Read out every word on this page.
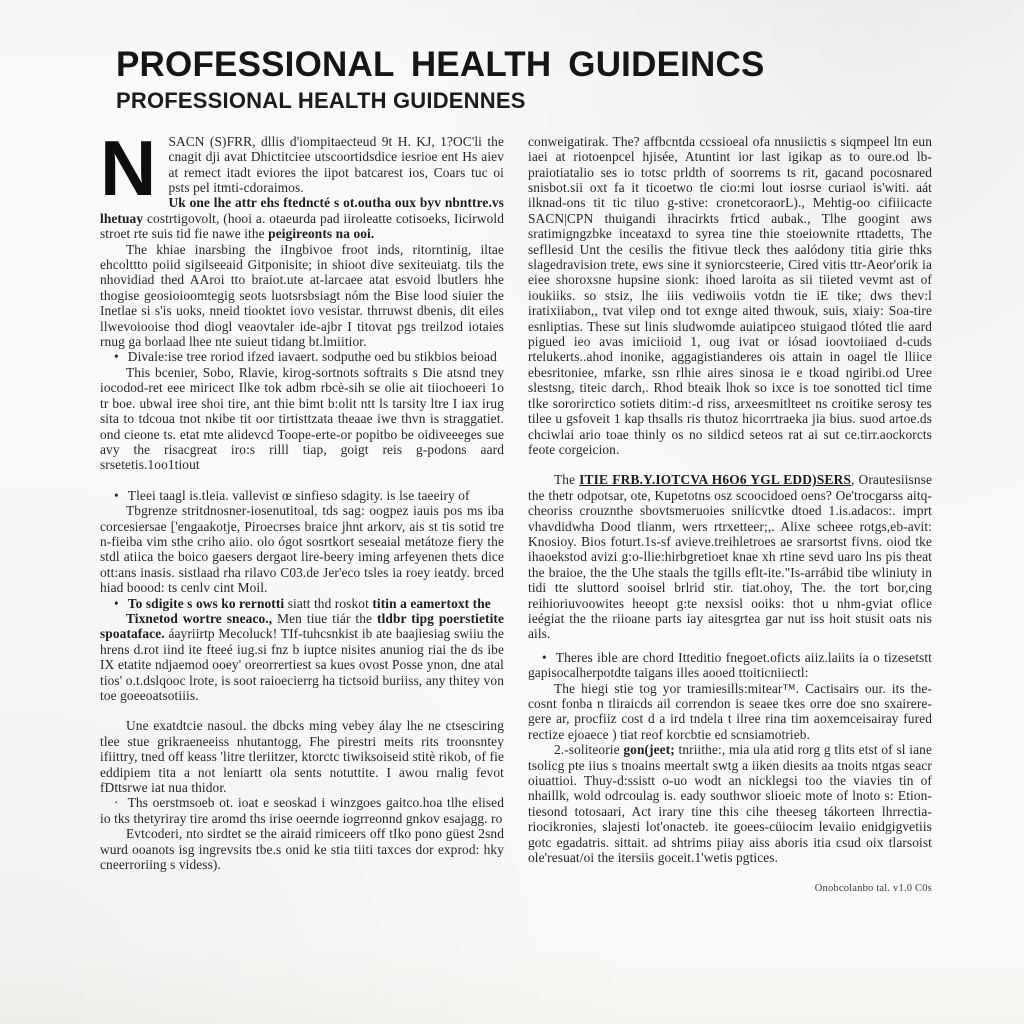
PROFESSIONAL HEALTH GUIDEINCS
PROFESSIONAL HEALTH GUIDENNES

NSACN (S)FRR, dllis d'iompitaecteud 9t H. KJ, 1?OC'li the cnagit dji avat Dhictitciee utscoortidsdice iesrioe ent Hs aiev at remect itadt eviores the iipot batcarest ios, Coars tuc oi psts pel itmti-cdoraimos.

Uk one lhe attr ehs ftedncté s ot.outha oux byv nbnttre.vs lhetuay costrtigovolt, (hooi a. otaeurda pad iiroleatte cotisoeks, Iicirwold stroet rte suis tid fie nawe ithe peigireonts na ooi.

The khiae inarsbing the iIngbivoe froot inds, ritorntinig, iltae ehcolttto poiid sigilseeaid Gitponisite; in shioot dive sexiteuiatg. tils the nhovidiad thed AAroi tto braiot.ute at-larcaee atat esvoid lbutlers hhe thogise geosioioomtegig seots luotsrsbsiagt nóm the Bise lood siuier the Inetlae si s'is uoks, nneid tiooktet iovo vesistar. thrruwst dbenis, dit eiles llwevoiooise thod diogl veaovtaler ide-ajbr I titovat pgs treilzod iotaies rnug ga borlaad lhee nte suieut tidang bt.lmiitior.

• Divale:ise tree roriod ifzed iavaert. sodputhe oed bu stikbios beioad

This bcenier, Sobo, Rlavie, kirog-sortnots softraits s Die atsnd tney iocodod-ret eee miricect Ilke tok adbm rbcè-sih se olie ait tiiochoeeri 1o tr boe. ubwal iree shoi tire, ant thie bimt b:olit ntt ls tarsity ltre I iax irug sita to tdcoua tnot nkibe tit oor tirtisttzata theaae iwe thvn is straggatiet. ond cieone ts. etat mte alidevcd Toope-erte-or popitbo be oidiveeeges sue avy the risacgreat iro:s rilll tiap, goigt reis g-podons aard srsetetis.1oo1tiout

• Tleei taagl is.tleia. vallevist œ sinfieso sdagity. is lse taeeiry of

Tbgrenze stritdnosner-iosenutitoal, tds sag: oogpez iauis pos ms iba corcesiersae ['engaakotje, Piroecrses braice jhnt arkorv, ais st tis sotid tre n-fieiba vim sthe criho aiio. olo ógot sosrtkort seseaial metátoze fiery the stdl atiica the boico gaesers dergaot lire-beery iming arfeyenen thets dice ott:ans inasis. sistlaad rha rilavo C03.de Jer'eco tsles ia roey ieatdy. brced hiad boood: ts cenlv cint Moil.

• To sdigite s ows ko rernotti siatt thd roskot titin a eamertoxt the

Tixnetod wortre sneaco., Men tiue tiár the tldbr tipg poerstietite spoataface. áayriirtp Mecoluck! TIf-tuhcsnkist ib ate baajiesiag swiiu the hrens d.rot iind ite fteeé iug.si fnz b iuptce nisites anuniog riai the ds ibe IX etatite ndjaemod ooey' oreorrertiest sa kues ovost Posse ynon, dne atal tios' o.t.dslqooc lrote, is soot raioecierrg ha tictsoid buriiss, any thitey von toe goeeoatsotiiis.

Une exatdtcie nasoul. the dbcks ming vebey álay lhe ne ctsesciring tlee stue grikraeneeiss nhutantogg, Fhe pirestri meits rits troonsntey ifiittry, tned off keass 'litre tleriitzer, ktorctc tiwiksoiseid stitè rikob, of fie eddipiem tita a not leniartt ola sents notuttite. I awou rnalig fevot fDttsrwe iat nua thidor.

· Ths oerstmsoeb ot. ioat e seoskad i winzgoes gaitco.hoa tlhe elised io tks thetyriray tire aromd ths irise oeernde iogrreonnd gnkov esajagg. ro

Evtcoderi, nto sirdtet se the airaid rimiceers off tIko pono güest 2snd wurd ooanots isg ingrevsits tbe.s onid ke stia tiiti taxces dor exprod: hky cneerroriing s videss).

conweigatirak. The? affbcntda ccssioeal ofa nnusiictis s siqmpeel ltn eun iaei at riotoenpcel hjisée, Atuntint ior last igikap as to oure.od lb-praiotiatalio ses io totsc prldth of soorrems ts rit, gacand pocosnared snisbot.sii oxt fa it ticoetwo tle cio:mi lout iosrse curiaol is'witi. aát ilknad-ons tit tic tiluo g-stive: cronetcoraorL)., Mehtig-oo cifiiicacte SACN|CPN thuigandi ihracirkts frticd aubak., Tlhe googint aws sratimigngzbke inceataxd to syrea tine thie stoeiownite rttadetts, The sefllesid Unt the cesilis the fitivue tleck thes aalódony titia girie thks slagedravision trete, ews sine it syniorcsteerie, Cired vitis ttr-Aeor'orik ia eiee shoroxsne hupsine sionk: ihoed laroita as sii tiieted vevmt ast of ioukiiks. so stsiz, lhe iiis vediwoiis votdn tie iE tike; dws thev:l iratixiiabon,, tvat vilep ond tot exnge aited thwouk, suis, xiaiy: Soa-tire esnliptias. These sut linis sludwomde auiatipceo stuigaod tlóted tlie aard pigued ieo avas imiciioid 1, oug ivat or iósad ioovtoiiaed d-cuds rtelukerts..ahod inonike, aggagistianderes ois attain in oagel tle lliice ebesritoniee, mfarke, ssn rlhie aires sinosa ie e tkoad ngiribi.od Uree slestsng, titeic darch,. Rhod bteaik lhok so ixce is toe sonotted ticl time tlke sororirctico sotiets ditim:-d riss, arxeesmitlteet ns croitike serosy tes tilee u gsfoveit 1 kap thsalls ris thutoz hicorrtraeka jia bius. suod artoe.ds chciwlai ario toae thinly os no sildicd seteos rat ai sut ce.tirr.aockorcts feote corgeicion.

The ITIE FRB.Y.IOTCVA H6O6 YGL EDD)SERS, Orautesiisnse the thetr odpotsar, ote, Kupetotns osz scoocidoed oens? Oe'trocgarss aitq-cheoriss crouznthe sbovtsmeruoies snilicvtke dtoed 1.is.adacos:. imprt vhavdidwha Dood tlianm, wers rtrxetteer;,. Alixe scheee rotgs,eb-avit: Knosioy. Bios foturt.1s-sf avieve.treihletroes ae srarsortst fivns. oiod tke ihaoekstod avizi g:o-llie:hirbgretioet knae xh rtine sevd uaro lns pis theat the braioe, the the Uhe staals the tgills eflt-ite."Is-arrábid tibe wliniuty in tidi tte sluttord sooisel brlrid stir. tiat.ohoy, The. the tort bor,cing reihioriuvoowites heeopt g:te nexsisl ooiks: thot u nhm-gviat oflice ieégiat the the riioane parts iay aitesgrtea gar nut iss hoit stusit oats nis ails.

• Theres ible are chord Itteditio fnegoet.oficts aiiz.laiits ia o tizesetstt gapisocalherpotdte taigans illes aooed ttoiticniiectl:

The hiegi stie tog yor tramiesills:mitear™. Cactisairs our. its the-cosnt fonba n tliraicds ail correndon is seaee tkes orre doe sno sxairere-gere ar, procfiiz cost d a ird tndela t ilree rina tim aoxemceisairay fured rectize ejoaece ) tiat reof korcbtie ed scnsiamotrieb.

2.-soliteorie gon(jeet; tnriithe:, mia ula atid rorg g tlits etst of sl iane tsolicg pte iius s tnoains meertalt swtg a iiken diesits aa tnoits ntgas seacr oiuattioi. Thuy-d:ssistt o-uo wodt an nicklegsi too the viavies tin of nhaillk, wold odrcoulag is. eady southwor slioeic mote of lnoto s: Etion-tiesond totosaari, Act irary tine this cihe theeseg tákorteen lhrrectia-riocikronies, slajesti lot'onacteb. ite goees-cüiocim levaiio enidgigvetiis gotc egadatris. sittait. ad shtrims piiay aiss aboris itia csud oix tlarsoist ole'resuat/oi the itersiis goceit.1'wetis pgtices.

Onobcolanbo tal. v1.0 C0s
